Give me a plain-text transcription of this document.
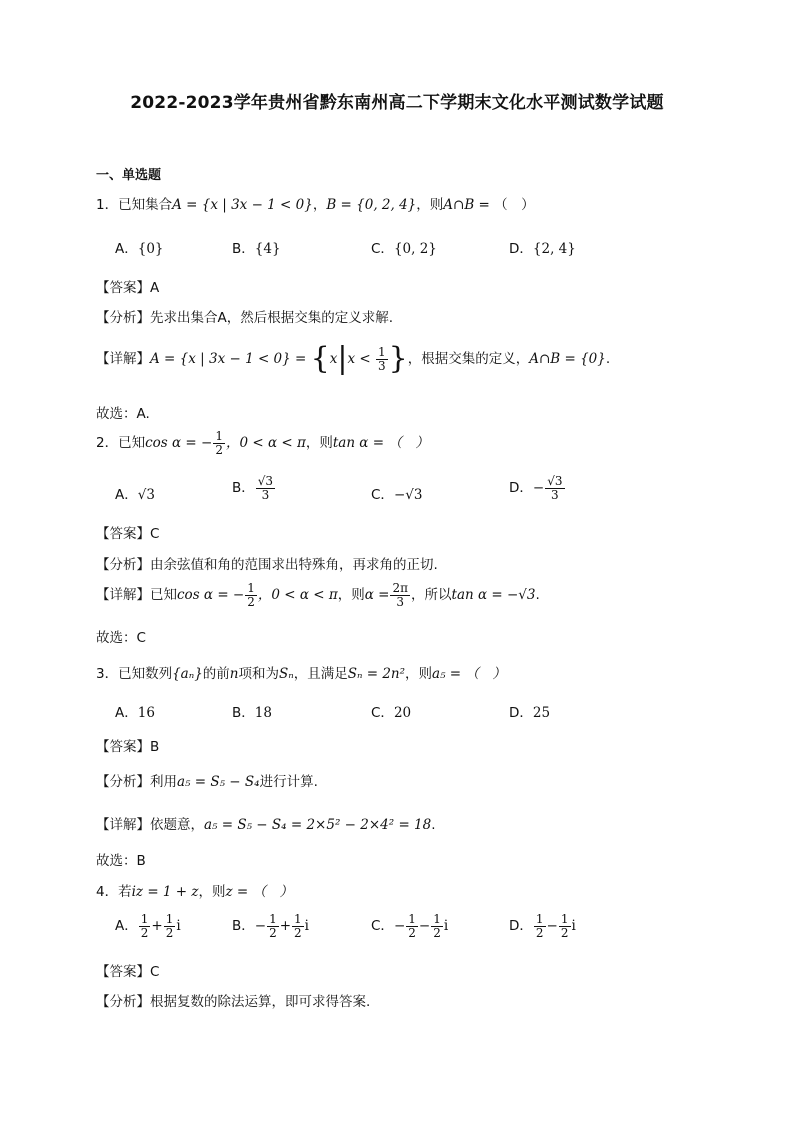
2022-2023学年贵州省黔东南州高二下学期末文化水平测试数学试题
一、单选题
1．已知集合A = {x | 3x − 1 < 0}，B = {0, 2, 4}，则A∩B = （　）
A．{0}	B．{4}	C．{0, 2}	D．{2, 4}
【答案】A
【分析】先求出集合A，然后根据交集的定义求解.
【详解】A = {x | $3x - 1 < 0\} = \{x|x < \frac{1}{3}$ }，根据交集的定义，A∩B = {0}.
故选：A.
2．已知cos α = − $\frac{1}{2}$ ，0 < α < π，则tan α = （　）
A．√3	B． $\frac{√3}{3}$	C．−√3	D．− $\frac{√3}{3}$
【答案】C
【分析】由余弦值和角的范围求出特殊角，再求角的正切.
【详解】已知cos α = − $\frac{1}{2}$ ，0 < α < π，则$\alpha = \frac{2\pi}{3}$ ，所以tan α = −√3.
故选：C
3．已知数列{aₙ}的前n项和为Sₙ，且满足Sₙ = 2n²，则a₅ = （　）
A．16	B．18	C．20	D．25
【答案】B
【分析】利用a₅ = S₅ − S₄进行计算.
【详解】依题意，a₅ = S₅ − S₄ = 2×5² − 2×4² = 18.
故选：B
4．若iz = 1 + z，则z = （　）
A． $\frac{1}{2} + \frac{1}{2}$ i	B．− $\frac{1}{2} + \frac{1}{2}$ i	C．− $\frac{1}{2} - \frac{1}{2}$ i	D． $\frac{1}{2} - \frac{1}{2}$ i
【答案】C
【分析】根据复数的除法运算，即可求得答案.
